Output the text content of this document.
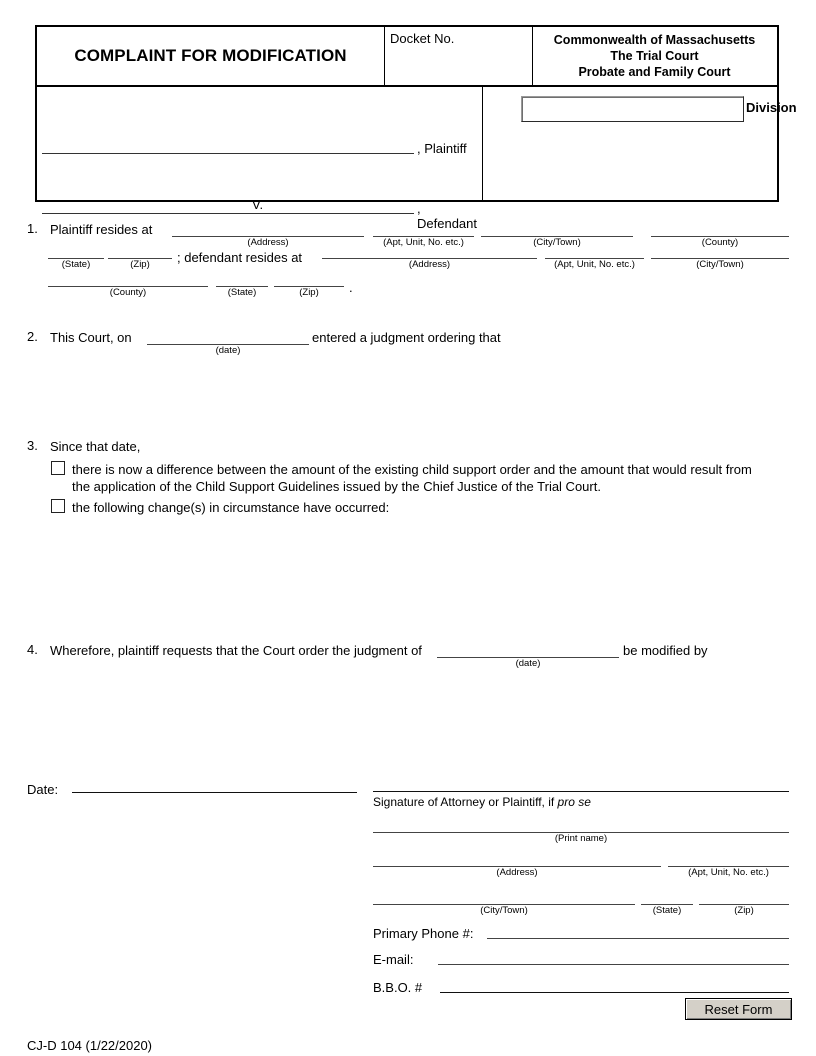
COMPLAINT FOR MODIFICATION
Docket No.	Commonwealth of Massachusetts
The Trial Court
Probate and Family Court
, Plaintiff
V.	, Defendant
Division
1. Plaintiff resides at
(Address)	(Apt, Unit, No. etc.)	(City/Town)	(County)
(State)	(Zip)	; defendant resides at	(Address)	(Apt, Unit, No. etc.)	(City/Town)
(County)	(State)	(Zip)	.
2. This Court, on
(date)
entered a judgment ordering that
3. Since that date,
there is now a difference between the amount of the existing child support order and the amount that would result from
the application of the Child Support Guidelines issued by the Chief Justice of the Trial Court.
the following change(s) in circumstance have occurred:
4. Wherefore, plaintiff requests that the Court order the judgment of
(date)
be modified by
Date:
Signature of Attorney or Plaintiff, if pro se
(Print name)
(Address)	(Apt, Unit, No. etc.)
(City/Town)	(State)	(Zip)
Primary Phone #:
E-mail:
B.B.O. #
Reset Form
CJ-D 104 (1/22/2020)
